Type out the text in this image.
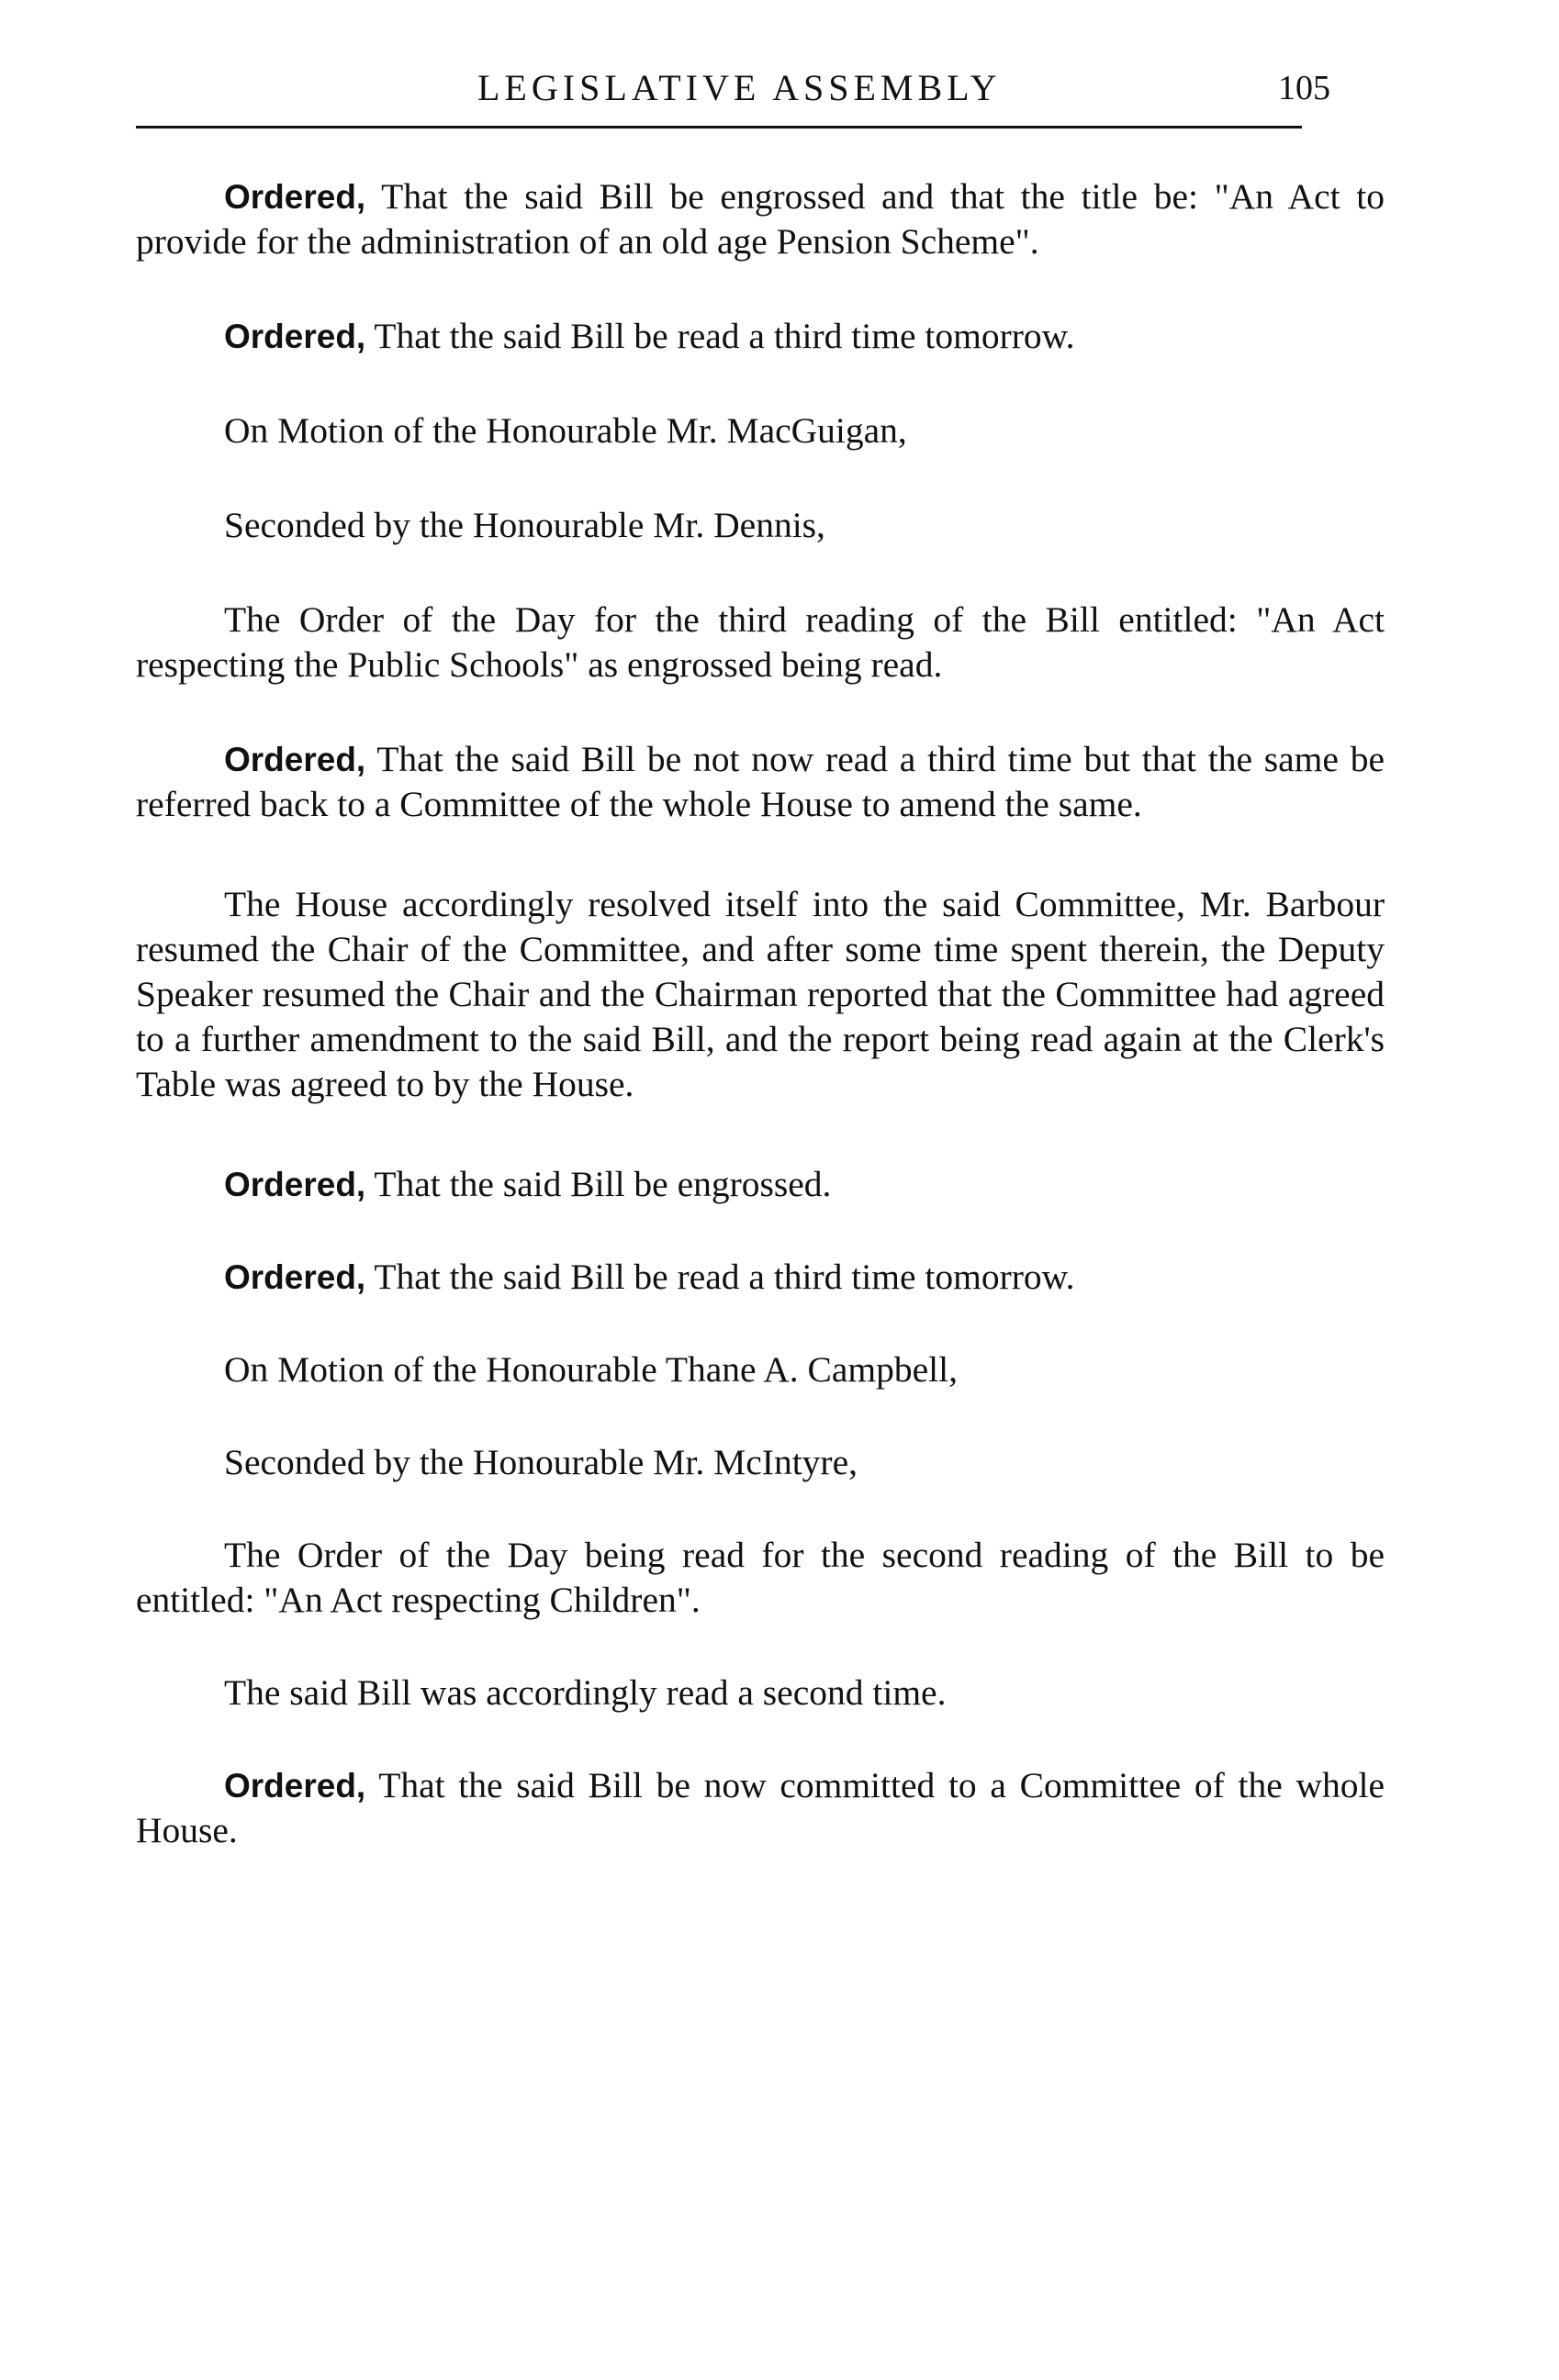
LEGISLATIVE ASSEMBLY	105

Ordered, That the said Bill be engrossed and that the title be: "An Act to provide for the administration of an old age Pension Scheme".

Ordered, That the said Bill be read a third time tomorrow.

On Motion of the Honourable Mr. MacGuigan,

Seconded by the Honourable Mr. Dennis,

The Order of the Day for the third reading of the Bill entitled: "An Act respecting the Public Schools" as engrossed being read.

Ordered, That the said Bill be not now read a third time but that the same be referred back to a Committee of the whole House to amend the same.

The House accordingly resolved itself into the said Committee, Mr. Barbour resumed the Chair of the Committee, and after some time spent therein, the Deputy Speaker resumed the Chair and the Chairman reported that the Committee had agreed to a further amendment to the said Bill, and the report being read again at the Clerk's Table was agreed to by the House.

Ordered, That the said Bill be engrossed.

Ordered, That the said Bill be read a third time tomorrow.

On Motion of the Honourable Thane A. Campbell,

Seconded by the Honourable Mr. McIntyre,

The Order of the Day being read for the second reading of the Bill to be entitled: "An Act respecting Children".

The said Bill was accordingly read a second time.

Ordered, That the said Bill be now committed to a Committee of the whole House.
